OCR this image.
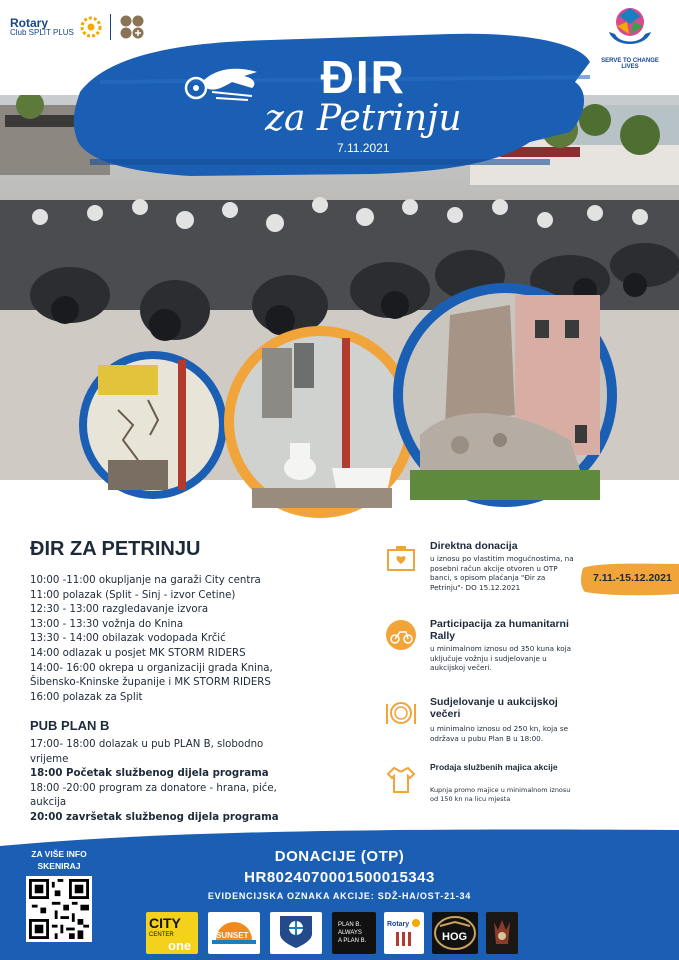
ĐIR
za Petrinju
7.11.2021
Rotary
Club SPLIT PLUS
SERVE TO CHANGE LIVES
ĐIR ZA PETRINJU
10:00 -11:00 okupljanje na garaži City centra
11:00 polazak (Split - Sinj - izvor Cetine)
12:30 - 13:00 razgledavanje izvora
13:00 - 13:30 vožnja do Knina
13:30 - 14:00 obilazak vodopada Krčić
14:00 odlazak u posjet MK STORM RIDERS
14:00- 16:00 okrepa u organizaciji grada Knina,
Šibensko-Kninske županije i MK STORM RIDERS
16:00 polazak za Split
PUB PLAN B
17:00- 18:00 dolazak u pub PLAN B, slobodno
vrijeme
18:00 Početak službenog dijela programa
18:00 -20:00 program za donatore - hrana, piće,
aukcija
20:00 završetak službenog dijela programa
7.11.-15.12.2021
Direktna donacija
u iznosu po vlastitim mogućnostima, na posebni račun akcije otvoren u OTP banci, s opisom plaćanja "Đir za Petrinju"- DO 15.12.2021
Participacija za humanitarni Rally
u minimalnom iznosu od 350 kuna koja uključuje vožnju i sudjelovanje u aukcijskoj večeri.
Sudjelovanje u aukcijskoj večeri
u minimalno iznosu od 250 kn, koja se održava u pubu Plan B u 18:00.
Prodaja službenih majica akcije
Kupnja promo majice u minimalnom iznosu od 150 kn na licu mjesta
ZA VIŠE INFO SKENIRAJ
DONACIJE (OTP)
HR8024070001500015343
EVIDENCIJSKA OZNAKA AKCIJE: SDŽ-HA/OST-21-34
CITY
CENTER
one
SUNSET
PLAN B.
ALWAYS
A PLAN B.
Rotary
HOG
